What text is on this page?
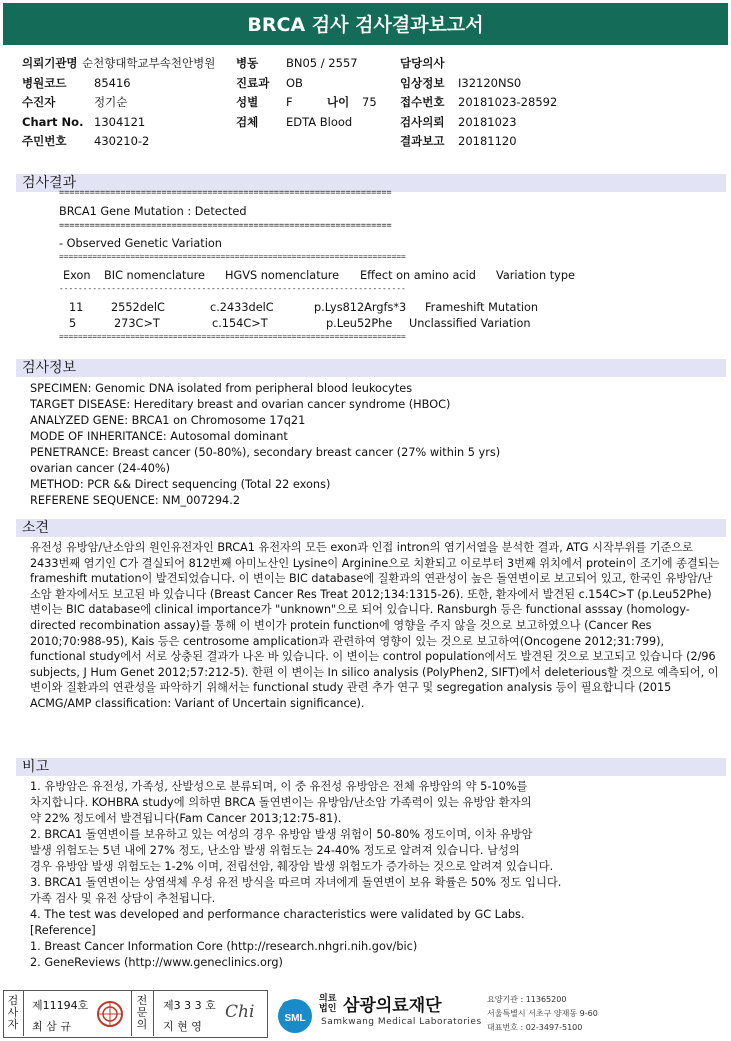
BRCA 검사 검사결과보고서
의뢰기관명 순천향대학교부속천안병원 병동 BN05 / 2557	담당의사
병원코드 85416	진료과 OB	임상정보 I32120NS0
수진자	정기순	성별 F	나이 75 접수번호 20181023-28592
Chart No. 1304121	검체 EDTA Blood	검사의뢰 20181023
주민번호 430210-2	결과보고 20181120
검사결과
=================================================================
BRCA1 Gene Mutation : Detected
=================================================================
- Observed Genetic Variation
=========================================================================
Exon BIC nomenclature HGVS nomenclature Effect on amino acid Variation type
-------------------------------------------------------------------------
11 2552delC	c.2433delC	p.Lys812Argfs*3 Frameshift Mutation
5	273C>T	c.154C>T	p.Leu52Phe Unclassified Variation
=========================================================================
검사정보
SPECIMEN: Genomic DNA isolated from peripheral blood leukocytes
TARGET DISEASE: Hereditary breast and ovarian cancer syndrome (HBOC)
ANALYZED GENE: BRCA1 on Chromosome 17q21
MODE OF INHERITANCE: Autosomal dominant
PENETRANCE: Breast cancer (50-80%), secondary breast cancer (27% within 5 yrs)
ovarian cancer (24-40%)
METHOD: PCR && Direct sequencing (Total 22 exons)
REFERENE SEQUENCE: NM_007294.2
소견
유전성 유방암/난소암의 원인유전자인 BRCA1 유전자의 모든 exon과 인접 intron의 염기서열을 분석한 결과, ATG 시작부위를 기준으로 2433번째 염기인 C가 결실되어 812번째 아미노산인 Lysine이 Arginine으로 치환되고 이로부터 3번째 위치에서 protein이 조기에 종결되는 frameshift mutation이 발견되었습니다. 이 변이는 BIC database에 질환과의 연관성이 높은 돌연변이로 보고되어 있고, 한국인 유방암/난소암 환자에서도 보고된 바 있습니다 (Breast Cancer Res Treat 2012;134:1315-26). 또한, 환자에서 발견된 c.154C>T (p.Leu52Phe) 변이는 BIC database에 clinical importance가 "unknown"으로 되어 있습니다. Ransburgh 등은 functional asssay (homology-directed recombination assay)를 통해 이 변이가 protein function에 영향을 주지 않을 것으로 보고하였으나 (Cancer Res 2010;70:988-95), Kais 등은 centrosome amplication과 관련하여 영향이 있는 것으로 보고하여(Oncogene 2012;31:799), functional study에서 서로 상충된 결과가 나온 바 있습니다. 이 변이는 control population에서도 발견된 것으로 보고되고 있습니다 (2/96 subjects, J Hum Genet 2012;57:212-5). 한편 이 변이는 In silico analysis (PolyPhen2, SIFT)에서 deleterious할 것으로 예측되어, 이 변이와 질환과의 연관성을 파악하기 위해서는 functional study 관련 추가 연구 및 segregation analysis 등이 필요합니다 (2015 ACMG/AMP classification: Variant of Uncertain significance).
비고
1. 유방암은 유전성, 가족성, 산발성으로 분류되며, 이 중 유전성 유방암은 전체 유방암의 약 5-10%를
차지합니다. KOHBRA study에 의하면 BRCA 돌연변이는 유방암/난소암 가족력이 있는 유방암 환자의
약 22% 정도에서 발견됩니다(Fam Cancer 2013;12:75-81).
2. BRCA1 돌연변이를 보유하고 있는 여성의 경우 유방암 발생 위험이 50-80% 정도이며, 이차 유방암
발생 위험도는 5년 내에 27% 정도, 난소암 발생 위험도는 24-40% 정도로 알려져 있습니다. 남성의
경우 유방암 발생 위험도는 1-2% 이며, 전립선암, 췌장암 발생 위험도가 증가하는 것으로 알려져 있습니다.
3. BRCA1 돌연변이는 상염색체 우성 유전 방식을 따르며 자녀에게 돌연변이 보유 확률은 50% 정도 입니다.
가족 검사 및 유전 상담이 추천됩니다.
4. The test was developed and performance characteristics were validated by GC Labs.
[Reference]
1. Breast Cancer Information Core (http://research.nhgri.nih.gov/bic)
2. GeneReviews (http://www.geneclinics.org)
검사자
제11194호
최 삼 규
전문의
제3 3 3 호
지 현 영
Chi	SML
의료법인 삼광의료재단
Samkwang Medical Laboratories
요양기관 : 11365200
서울특별시 서초구 양재동 9-60
대표번호 : 02-3497-5100
